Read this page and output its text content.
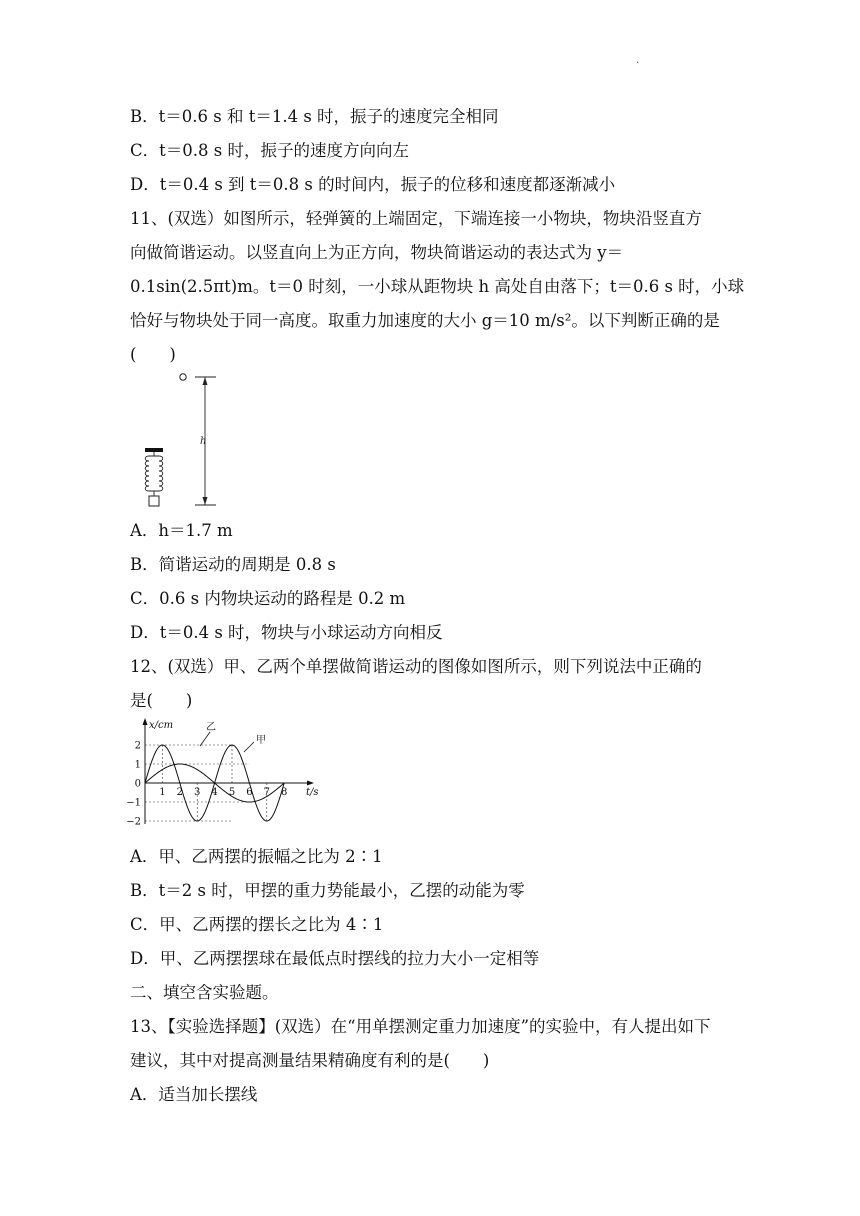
·
B．t＝0.6 s 和 t＝1.4 s 时，振子的速度完全相同
C．t＝0.8 s 时，振子的速度方向向左
D．t＝0.4 s 到 t＝0.8 s 的时间内，振子的位移和速度都逐渐减小
11、(双选）如图所示，轻弹簧的上端固定，下端连接一小物块，物块沿竖直方
向做简谐运动。以竖直向上为正方向，物块简谐运动的表达式为 y＝
0.1sin(2.5πt)m。t＝0 时刻，一小球从距物块 h 高处自由落下；t＝0.6 s 时，小球
恰好与物块处于同一高度。取重力加速度的大小 g＝10 m/s²。以下判断正确的是
(　　)
h
A．h＝1.7 m
B．简谐运动的周期是 0.8 s
C．0.6 s 内物块运动的路程是 0.2 m
D．t＝0.4 s 时，物块与小球运动方向相反
12、(双选）甲、乙两个单摆做简谐运动的图像如图所示，则下列说法中正确的
是(　　)
x/cm
t/s
乙
甲
2
1
0
−1
−2
1 2 3 4 5 6 7 8
A．甲、乙两摆的振幅之比为 2∶1
B．t＝2 s 时，甲摆的重力势能最小，乙摆的动能为零
C．甲、乙两摆的摆长之比为 4∶1
D．甲、乙两摆摆球在最低点时摆线的拉力大小一定相等
二、填空含实验题。
13、【实验选择题】(双选）在“用单摆测定重力加速度”的实验中，有人提出如下
建议，其中对提高测量结果精确度有利的是(　　)
A．适当加长摆线
